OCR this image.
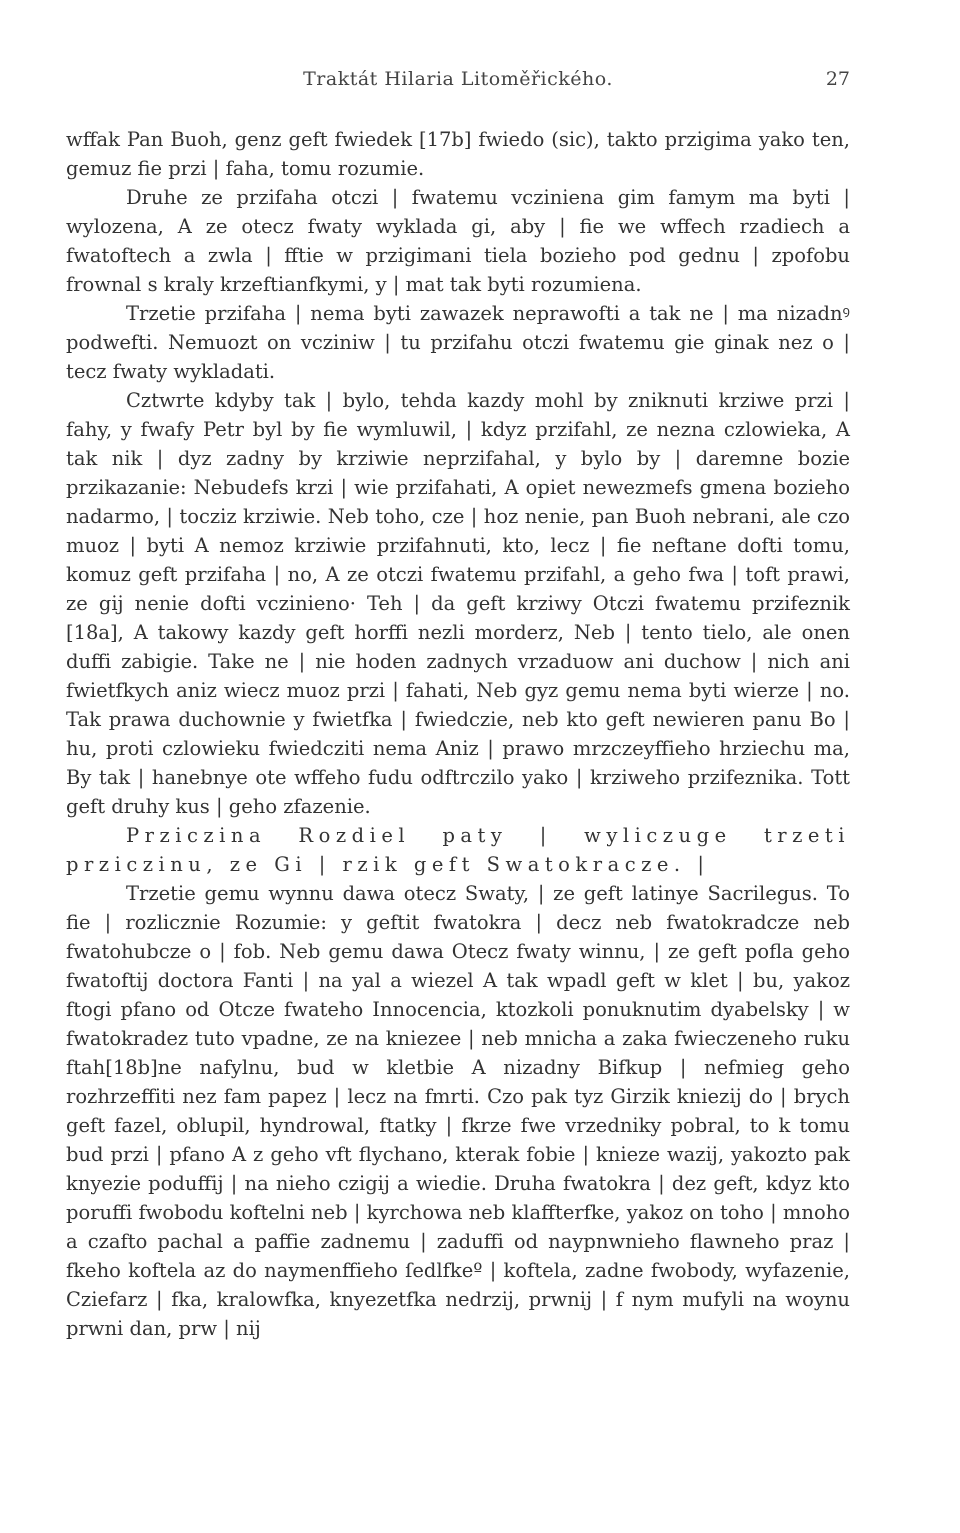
Traktát Hilaria Litoměřického.	27

wffak Pan Buoh, genz geft fwiedek [17b] fwiedo (sic), takto przigima yako ten, gemuz fie przi | faha, tomu rozumie.

Druhe ze przifaha otczi | fwatemu vcziniena gim famym ma byti | wylozena, A ze otecz fwaty wyklada gi, aby | fie we wffech rzadiech a fwatoftech a zwla | fftie w przigimani tiela bozieho pod gednu | zpofobu frownal s kraly krzeftianfkymi, y | mat tak byti rozumiena.

Trzetie przifaha | nema byti zawazek neprawofti a tak ne | ma nizadnꝰ podwefti. Nemuozt on vcziniw | tu przifahu otczi fwatemu gie ginak nez o | tecz fwaty wykladati.

Cztwrte kdyby tak | bylo, tehda kazdy mohl by zniknuti krziwe przi | fahy, y fwafy Petr byl by fie wymluwil, | kdyz przifahl, ze nezna czlowieka, A tak nik | dyz zadny by krziwie neprzifahal, y bylo by | daremne bozie przikazanie: Nebudefs krzi | wie przifahati, A opiet newezmefs gmena bozieho nadarmo, | tocziz krziwie. Neb toho, cze | hoz nenie, pan Buoh nebrani, ale czo muoz | byti A nemoz krziwie przifahnuti, kto, lecz | fie neftane dofti tomu, komuz geft przifaha | no, A ze otczi fwatemu przifahl, a geho fwa | toft prawi, ze gij nenie dofti vczinieno· Teh | da geft krziwy Otczi fwatemu przifeznik [18a], A takowy kazdy geft horffi nezli morderz, Neb | tento tielo, ale onen duffi zabigie. Take ne | nie hoden zadnych vrzaduow ani duchow | nich ani fwietfkych aniz wiecz muoz przi | fahati, Neb gyz gemu nema byti wierze | no. Tak prawa duchownie y fwietfka | fwiedczie, neb kto geft newieren panu Bo | hu, proti czlowieku fwiedcziti nema Aniz | prawo mrzczeyffieho hrziechu ma, By tak | hanebnye ote wffeho fudu odftrczilo yako | krziweho przifeznika. Tott geft druhy kus | geho zfazenie.

Prziczina Rozdiel paty | wyliczuge trzeti prziczinu, ze Gi | rzik geft Swatokracze. |

Trzetie gemu wynnu dawa otecz Swaty, | ze geft latinye Sacrilegus. To fie | rozlicznie Rozumie: y geftit fwatokra | decz neb fwatokradcze neb fwatohubcze o | fob. Neb gemu dawa Otecz fwaty winnu, | ze geft pofla geho fwatoftij doctora Fanti | na yal a wiezel A tak wpadl geft w klet | bu, yakoz ftogi pfano od Otcze fwateho Innocencia, ktozkoli ponuknutim dyabelsky | w fwatokradez tuto vpadne, ze na kniezee | neb mnicha a zaka fwieczeneho ruku ftah[18b]ne nafylnu, bud w kletbie A nizadny Bifkup | nefmieg geho rozhrzeffiti nez fam papez | lecz na fmrti. Czo pak tyz Girzik kniezij do | brych geft fazel, oblupil, hyndrowal, ftatky | fkrze fwe vrzedniky pobral, to k tomu bud przi | pfano A z geho vft flychano, kterak fobie | knieze wazij, yakozto pak knyezie poduffij | na nieho czigij a wiedie. Druha fwatokra | dez geft, kdyz kto poruffi fwobodu koftelni neb | kyrchowa neb klaffterfke, yakoz on toho | mnoho a czafto pachal a paffie zadnemu | zaduffi od naypnwnieho flawneho praz | fkeho koftela az do naymenffieho ſedlfkeº | koftela, zadne fwobody, wyfazenie, Cziefarz | fka, kralowfka, knyezetfka nedrzij, prwnij | f nym mufyli na woynu prwni dan, prw | nij
